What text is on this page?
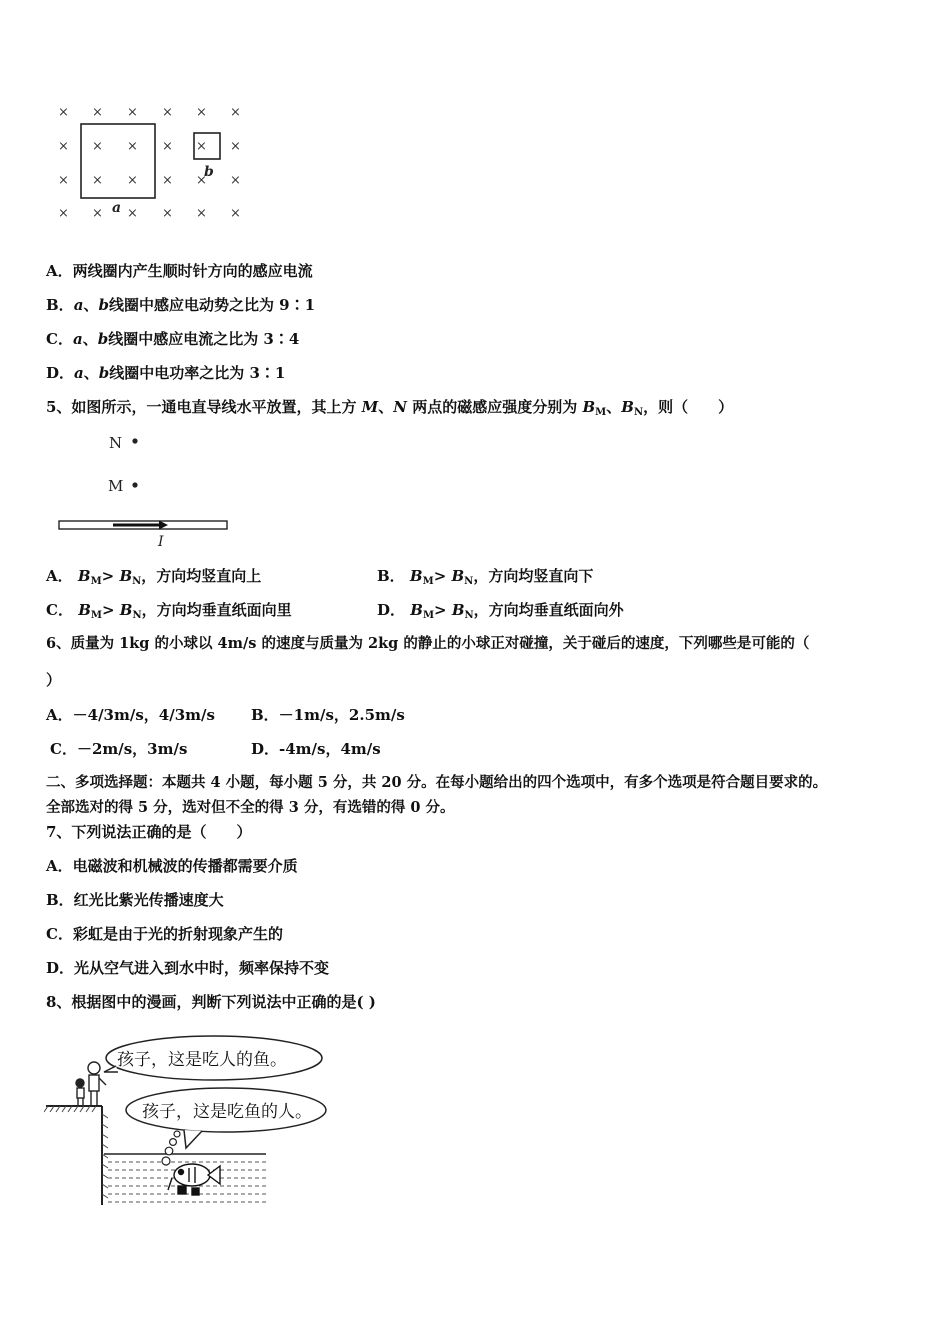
× × × × × ×
× × × × × ×
× × × × × ×
× × × × × ×
a
b
A．两线圈内产生顺时针方向的感应电流
B．a、b线圈中感应电动势之比为 9∶1
C．a、b线圈中感应电流之比为 3∶4
D．a、b线圈中电功率之比为 3∶1
5、如图所示，一通电直导线水平放置，其上方 M、N 两点的磁感应强度分别为 $B_M$、$B_N$，则（　　）
N
M
I
A． $B_M> B_N$，方向均竖直向上	B． $B_M> B_N$，方向均竖直向下
C． $B_M> B_N$，方向均垂直纸面向里	D． $B_M> B_N$，方向均垂直纸面向外
6、质量为 1kg 的小球以 4m/s 的速度与质量为 2kg 的静止的小球正对碰撞，关于碰后的速度，下列哪些是可能的（
）
A．－4/3m/s，4/3m/s B．－1m/s，2.5m/s
C．－2m/s，3m/s	D．-4m/s，4m/s
二、多项选择题：本题共 4 小题，每小题 5 分，共 20 分。在每小题给出的四个选项中，有多个选项是符合题目要求的。
全部选对的得 5 分，选对但不全的得 3 分，有选错的得 0 分。
7、下列说法正确的是（　　）
A．电磁波和机械波的传播都需要介质
B．红光比紫光传播速度大
C．彩虹是由于光的折射现象产生的
D．光从空气进入到水中时，频率保持不变
8、根据图中的漫画，判断下列说法中正确的是( )
孩子，这是吃人的鱼。
孩子，这是吃鱼的人。
